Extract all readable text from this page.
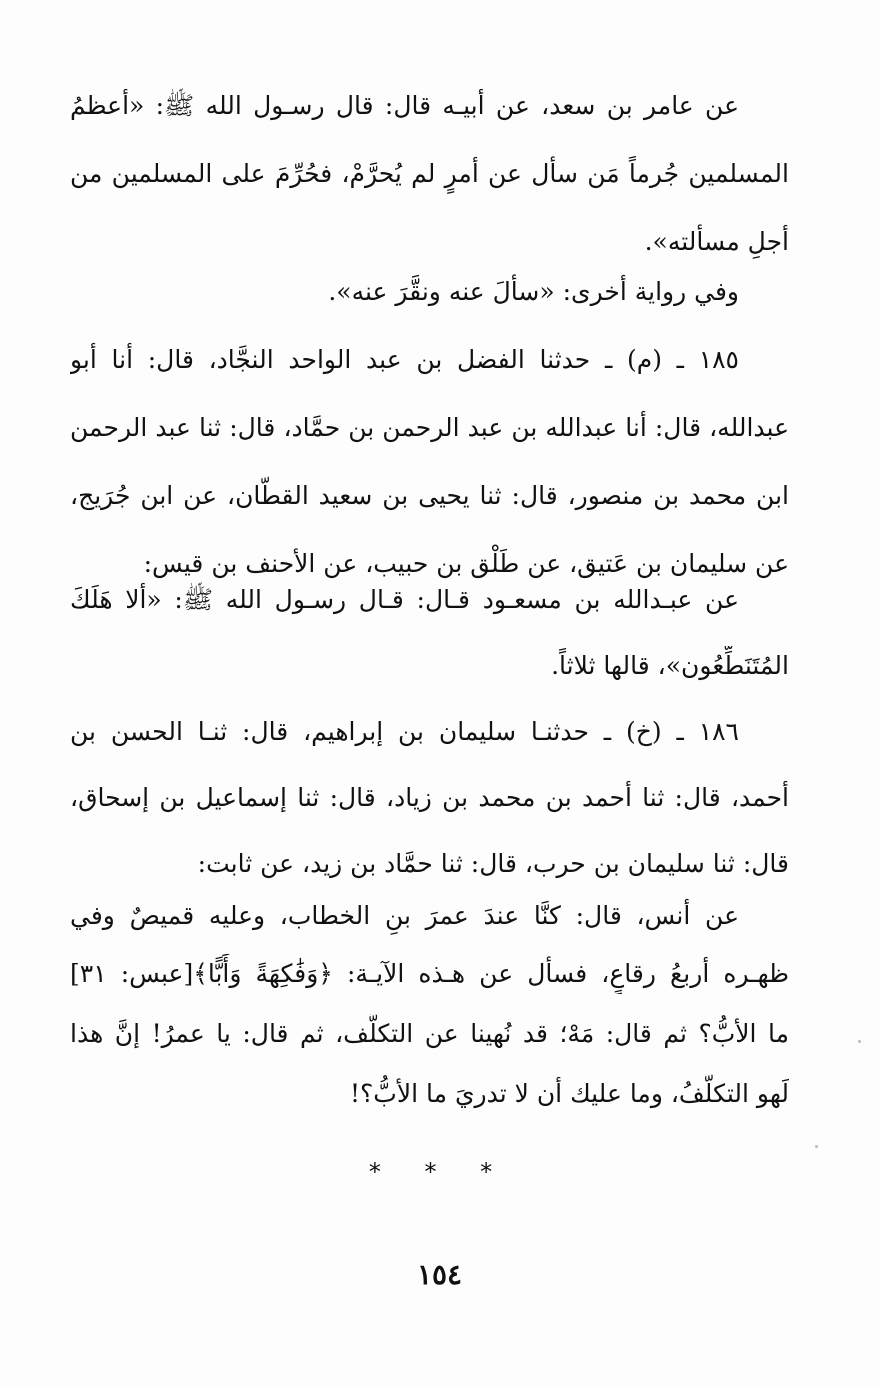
عن عامر بن سعد، عن أبيـه قال: قال رسـول الله ﷺ: «أعظمُ
المسلمين جُرماً مَن سأل عن أمرٍ لم يُحرَّمْ، فحُرِّمَ على المسلمين من
أجلِ مسألته».
وفي رواية أخرى: «سألَ عنه ونقَّرَ عنه».
١٨٥ ـ (م) ـ حدثنا الفضل بن عبد الواحد النجَّاد، قال: أنا أبو
عبدالله، قال: أنا عبدالله بن عبد الرحمن بن حمَّاد، قال: ثنا عبد الرحمن
ابن محمد بن منصور، قال: ثنا يحيى بن سعيد القطَّان، عن ابن جُرَيج،
عن سليمان بن عَتيق، عن طَلْق بن حبيب، عن الأحنف بن قيس:
عن عبـدالله بن مسعـود قـال: قـال رسـول الله ﷺ: «ألا هَلَكَ
المُتَنَطِّعُون»، قالها ثلاثاً.
١٨٦ ـ (خ) ـ حدثنـا سليمان بن إبراهيم، قال: ثنـا الحسن بن
أحمد، قال: ثنا أحمد بن محمد بن زياد، قال: ثنا إسماعيل بن إسحاق،
قال: ثنا سليمان بن حرب، قال: ثنا حمَّاد بن زيد، عن ثابت:
عن أنس، قال: كنَّا عندَ عمرَ بنِ الخطاب، وعليه قميصٌ وفي
ظهـره أربعُ رقاعٍ، فسأل عن هـذه الآيـة: ﴿وَفَٰكِهَةً وَأَبًّا﴾[عبس: ٣١]
ما الأبُّ؟ ثم قال: مَهْ؛ قد نُهينا عن التكلُّف، ثم قال: يا عمرُ! إنَّ هذا
لَهو التكلُّفُ، وما عليك أن لا تدريَ ما الأبُّ؟!
* * *
١٥٤
